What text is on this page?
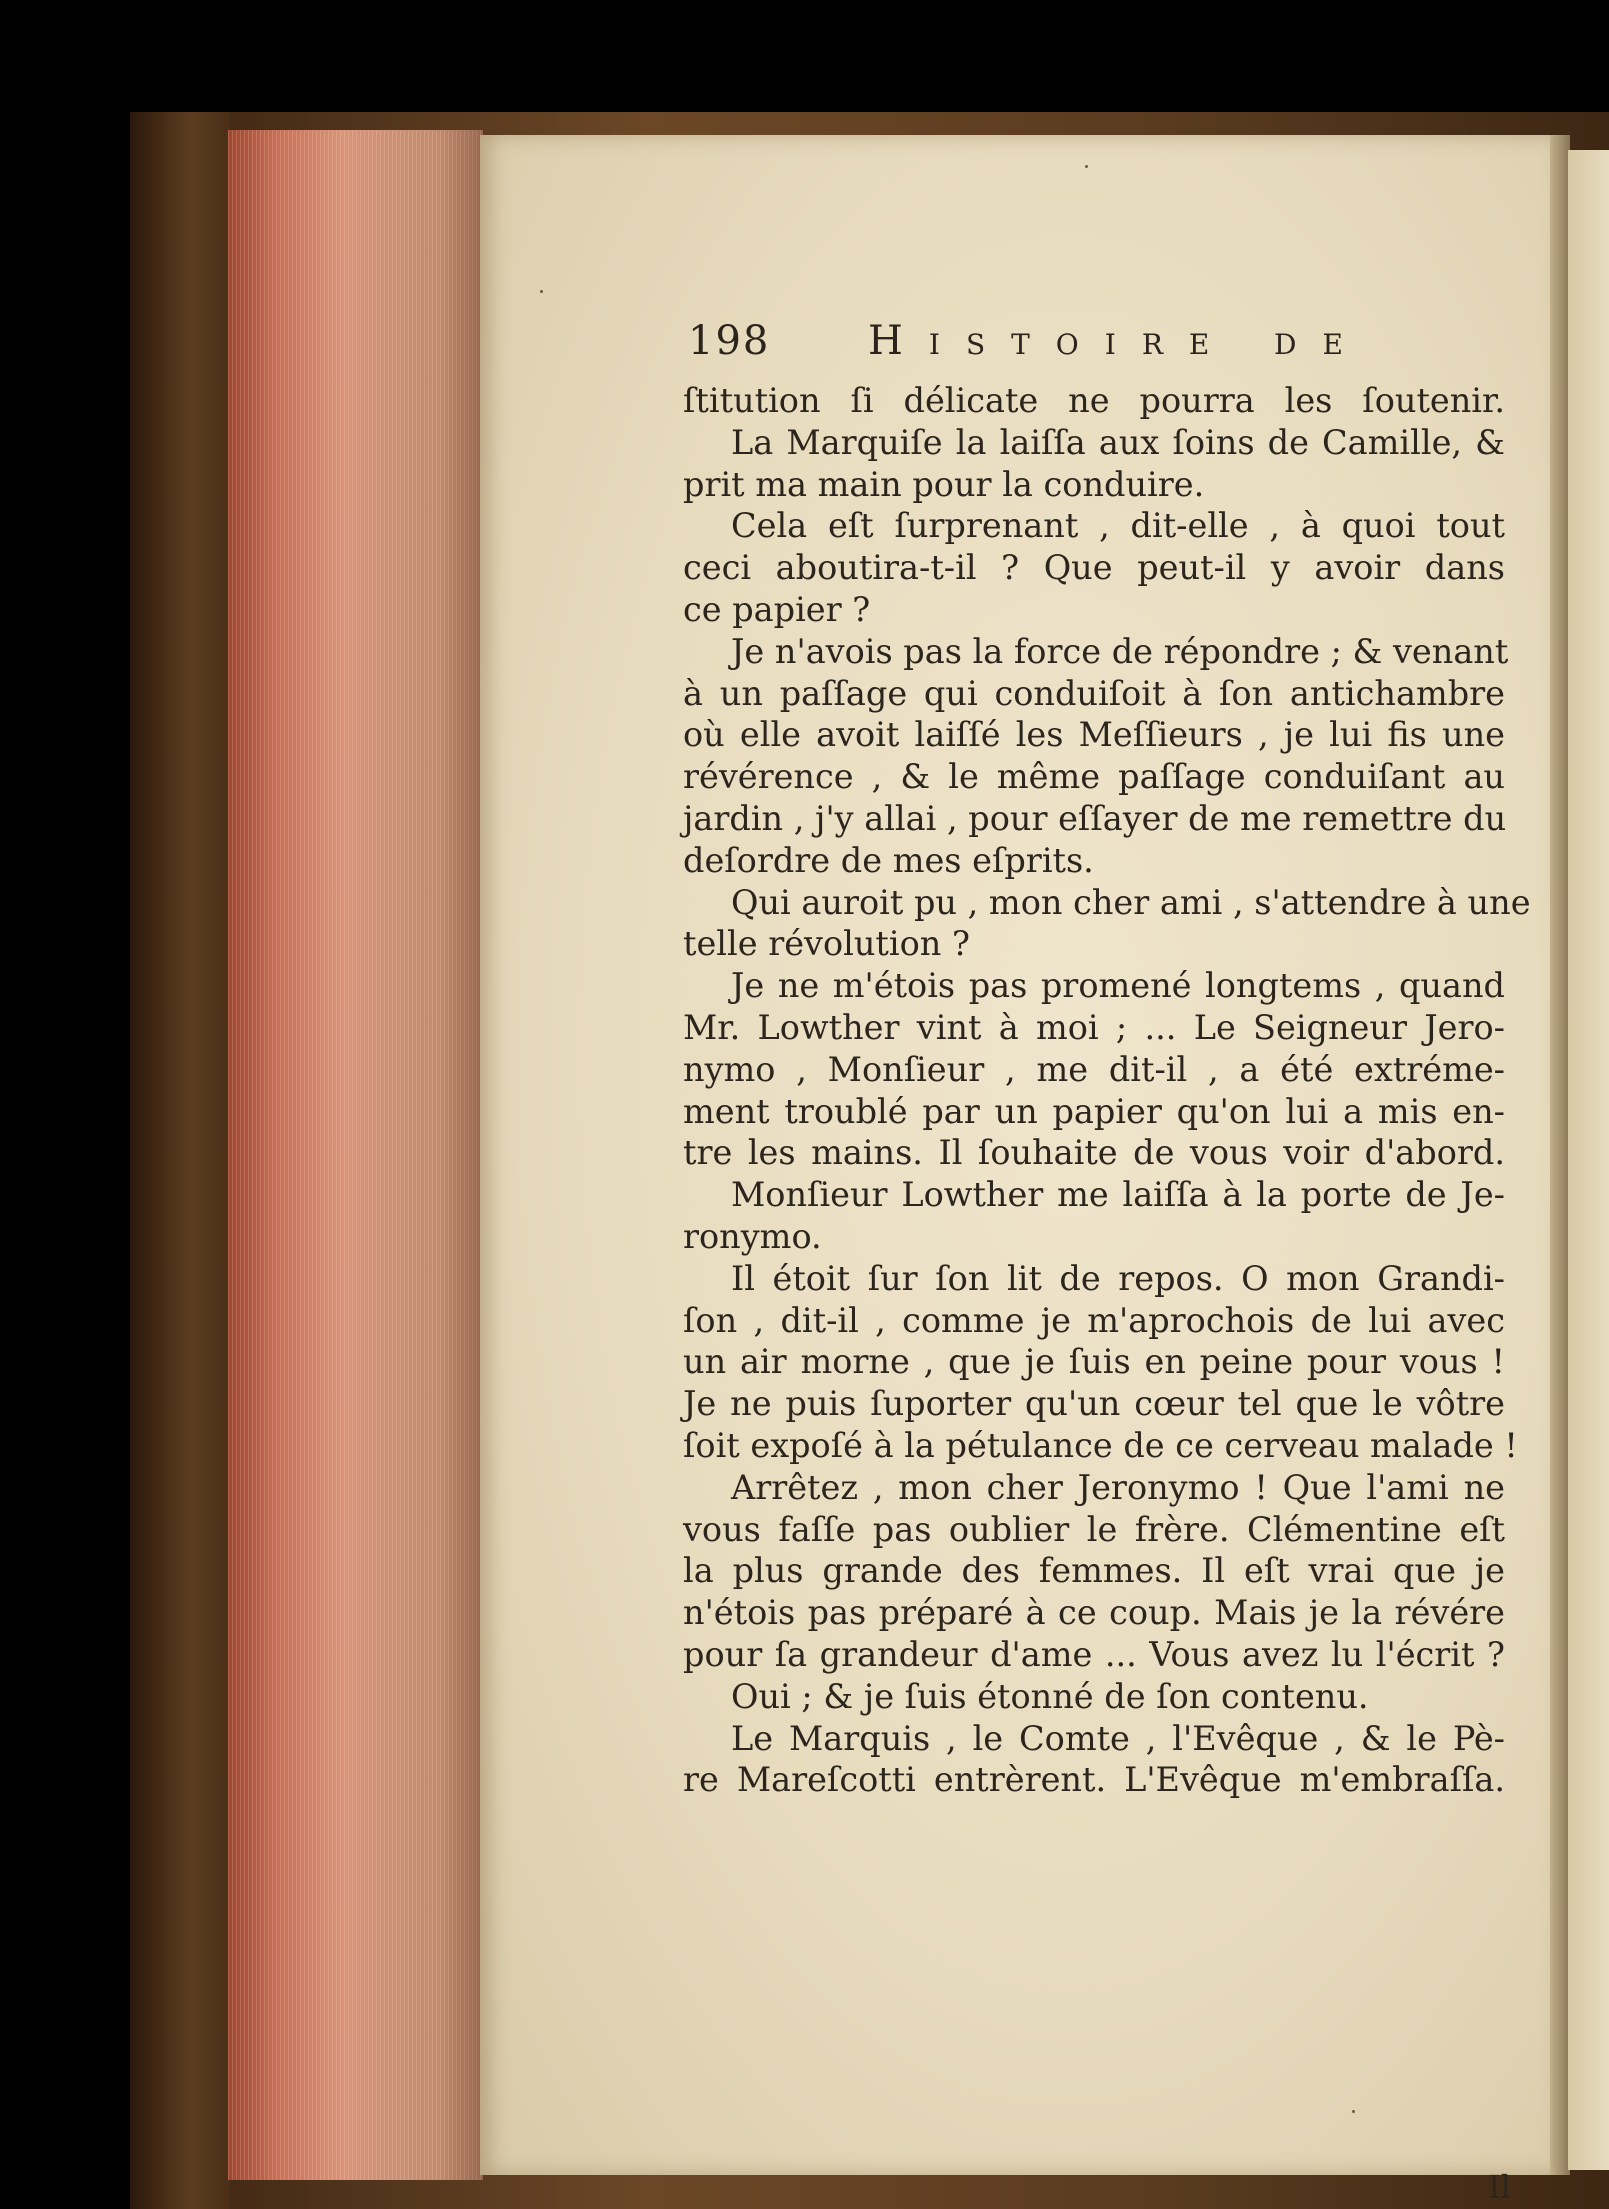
198 Histoire de
ſtitution ſi délicate ne pourra les ſoutenir.
La Marquiſe la laiſſa aux ſoins de Camille, &
prit ma main pour la conduire.
Cela eſt ſurprenant , dit-elle , à quoi tout
ceci aboutira-t-il ? Que peut-il y avoir dans
ce papier ?
Je n'avois pas la force de répondre ; & venant
à un paſſage qui conduiſoit à ſon antichambre
où elle avoit laiſſé les Meſſieurs , je lui fis une
révérence , & le même paſſage conduiſant au
jardin , j'y allai , pour eſſayer de me remettre du
deſordre de mes eſprits.
Qui auroit pu , mon cher ami , s'attendre à une
telle révolution ?
Je ne m'étois pas promené longtems , quand
Mr. Lowther vint à moi ; ... Le Seigneur Jero-
nymo , Monſieur , me dit-il , a été extréme-
ment troublé par un papier qu'on lui a mis en-
tre les mains. Il ſouhaite de vous voir d'abord.
Monſieur Lowther me laiſſa à la porte de Je-
ronymo.
Il étoit ſur ſon lit de repos. O mon Grandi-
ſon , dit-il , comme je m'aprochois de lui avec
un air morne , que je ſuis en peine pour vous !
Je ne puis ſuporter qu'un cœur tel que le vôtre
ſoit expoſé à la pétulance de ce cerveau malade !
Arrêtez , mon cher Jeronymo ! Que l'ami ne
vous faſſe pas oublier le frère. Clémentine eſt
la plus grande des femmes. Il eſt vrai que je
n'étois pas préparé à ce coup. Mais je la révére
pour ſa grandeur d'ame ... Vous avez lu l'écrit ?
Oui ; & je ſuis étonné de ſon contenu.
Le Marquis , le Comte , l'Evêque , & le Pè-
re Mareſcotti entrèrent. L'Evêque m'embraſſa.
Il
